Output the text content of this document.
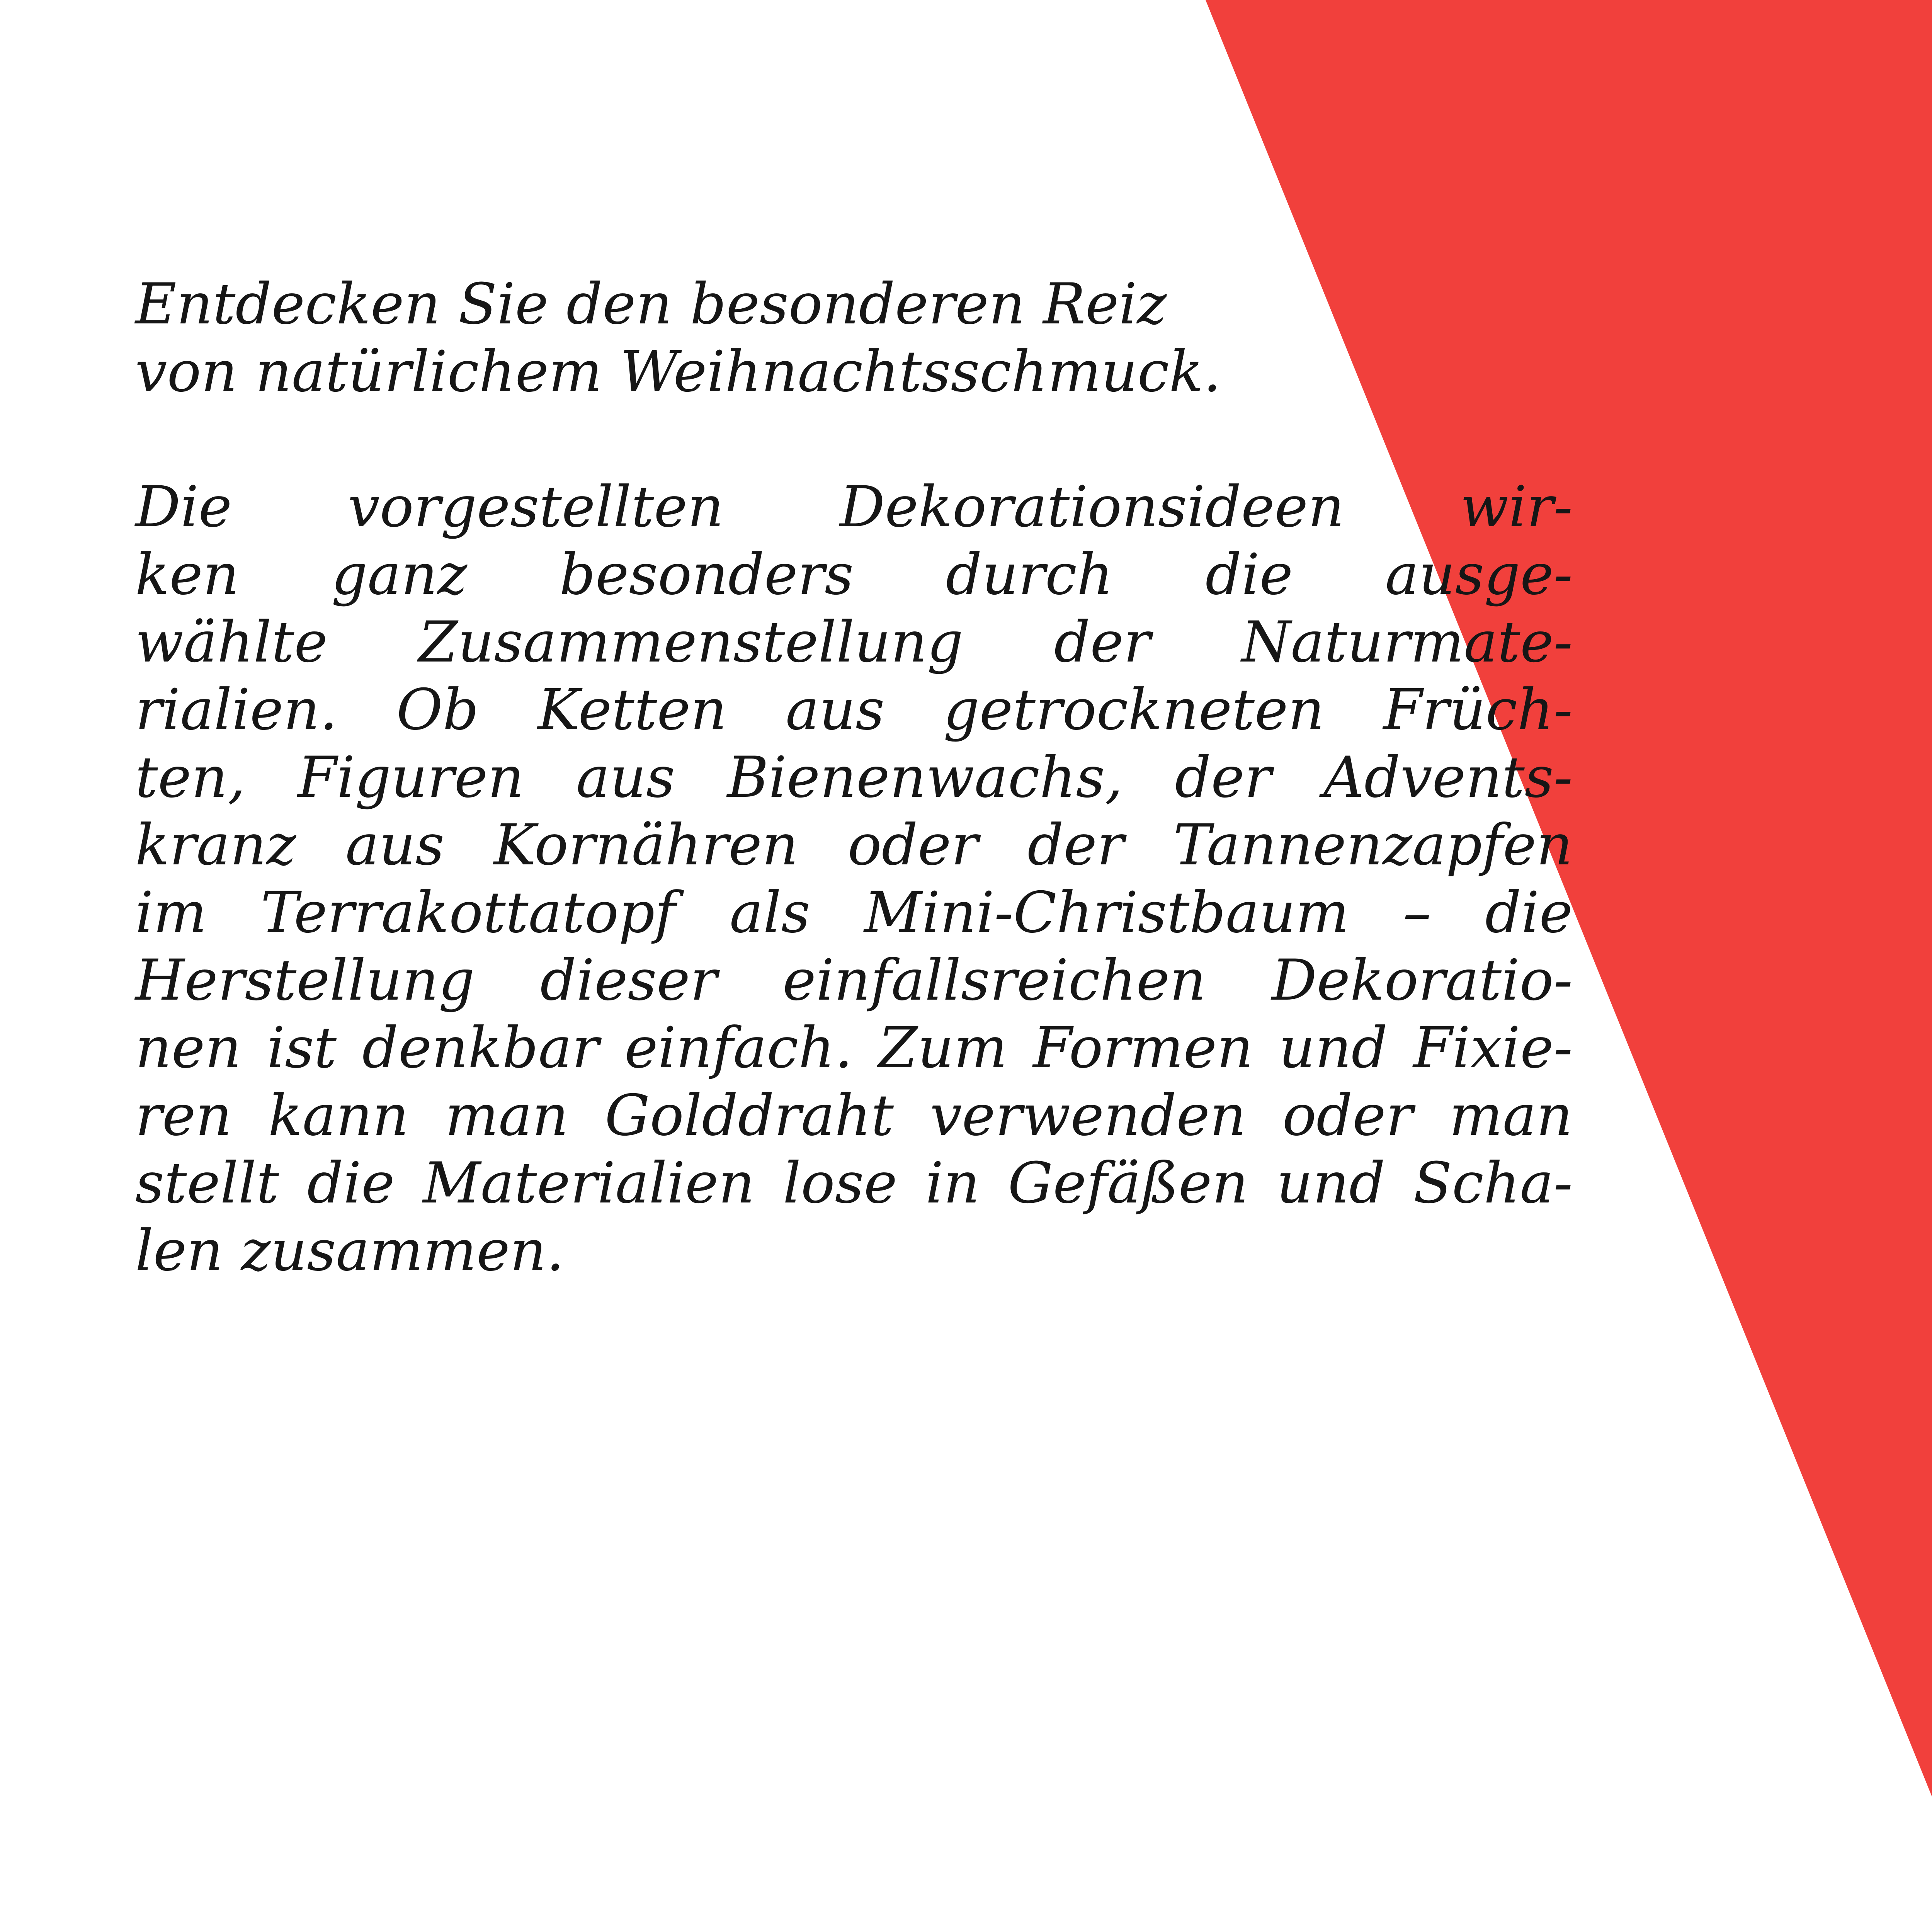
Entdecken Sie den besonderen Reiz
von natürlichem Weihnachtsschmuck.
Die vorgestellten Dekorationsideen wir-
ken ganz besonders durch die ausge-
wählte Zusammenstellung der Naturmate-
rialien. Ob Ketten aus getrockneten Früch-
ten, Figuren aus Bienenwachs, der Advents-
kranz aus Kornähren oder der Tannenzapfen
im Terrakottatopf als Mini-Christbaum – die
Herstellung dieser einfallsreichen Dekoratio-
nen ist denkbar einfach. Zum Formen und Fixie-
ren kann man Golddraht verwenden oder man
stellt die Materialien lose in Gefäßen und Scha-
len zusammen.
